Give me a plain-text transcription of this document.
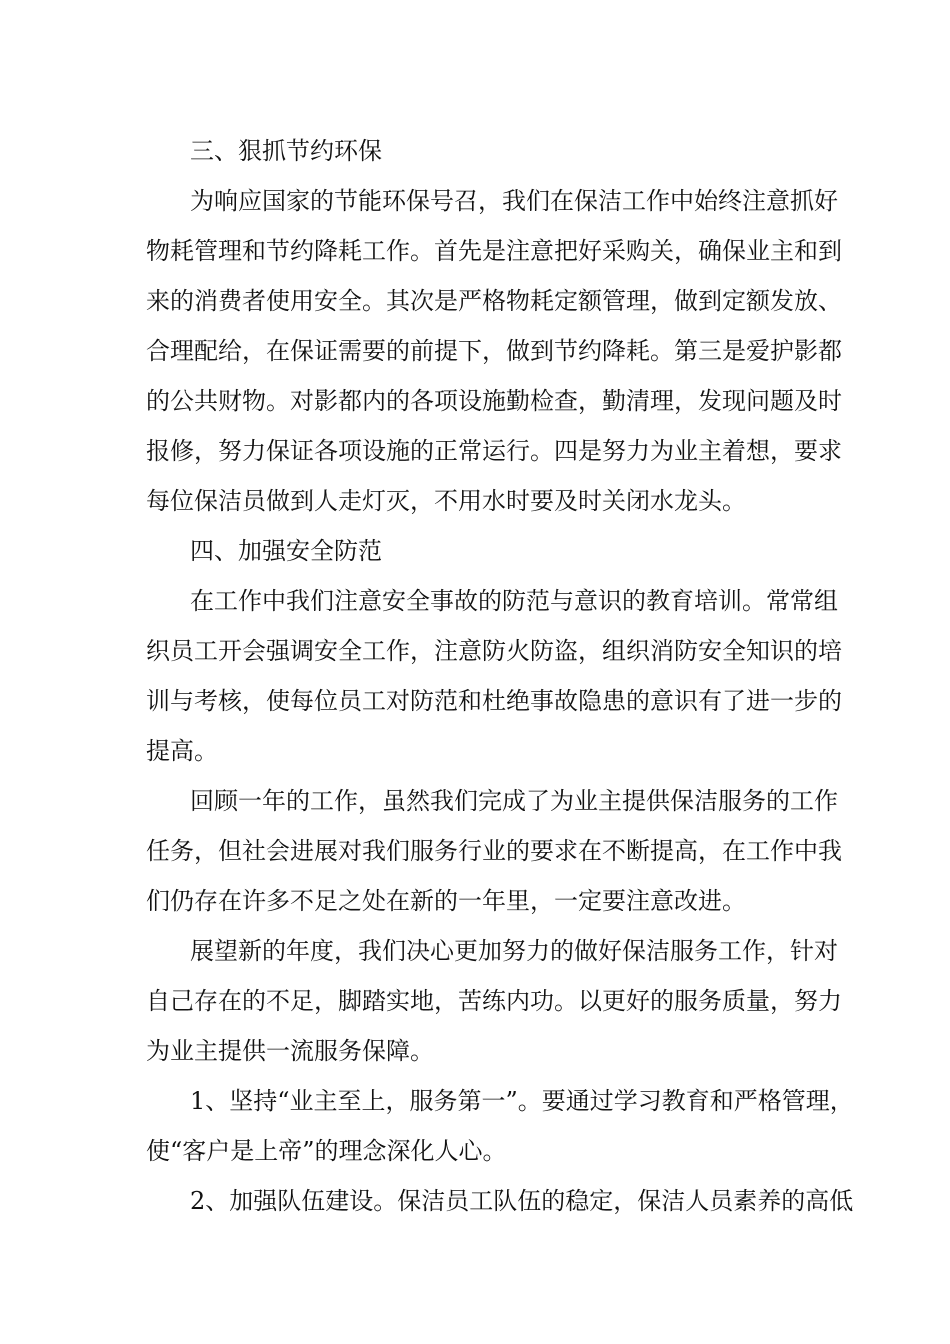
三、狠抓节约环保

为响应国家的节能环保号召，我们在保洁工作中始终注意抓好

物耗管理和节约降耗工作。首先是注意把好采购关，确保业主和到

来的消费者使用安全。其次是严格物耗定额管理，做到定额发放、

合理配给，在保证需要的前提下，做到节约降耗。第三是爱护影都

的公共财物。对影都内的各项设施勤检查，勤清理，发现问题及时

报修，努力保证各项设施的正常运行。四是努力为业主着想，要求

每位保洁员做到人走灯灭，不用水时要及时关闭水龙头。

四、加强安全防范

在工作中我们注意安全事故的防范与意识的教育培训。常常组

织员工开会强调安全工作，注意防火防盗，组织消防安全知识的培

训与考核，使每位员工对防范和杜绝事故隐患的意识有了进一步的

提高。

回顾一年的工作，虽然我们完成了为业主提供保洁服务的工作

任务，但社会进展对我们服务行业的要求在不断提高，在工作中我

们仍存在许多不足之处在新的一年里，一定要注意改进。

展望新的年度，我们决心更加努力的做好保洁服务工作，针对

自己存在的不足，脚踏实地，苦练内功。以更好的服务质量，努力

为业主提供一流服务保障。

1、坚持“业主至上，服务第一”。要通过学习教育和严格管理，

使“客户是上帝”的理念深化人心。

2、加强队伍建设。保洁员工队伍的稳定，保洁人员素养的高低
